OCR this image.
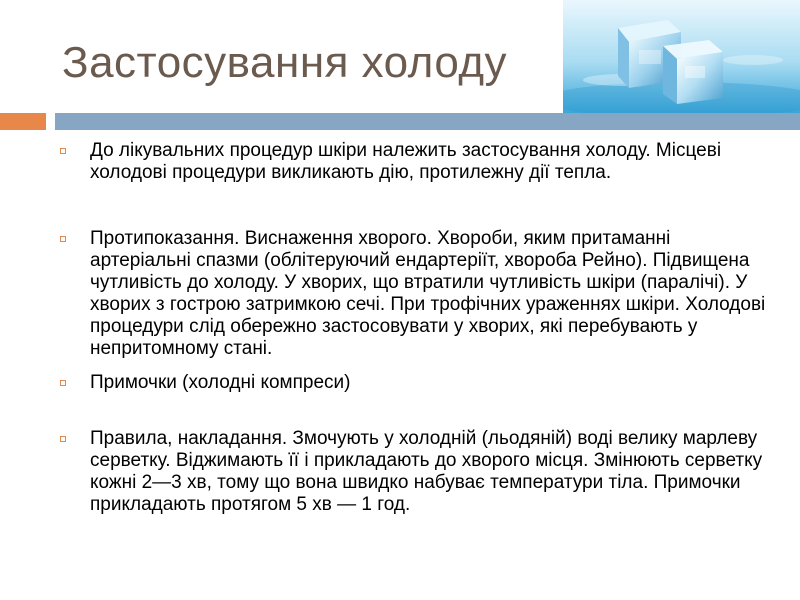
Застосування холоду
До лікувальних процедур шкіри належить застосування холоду. Місцеві холодові процедури викликають дію, протилежну дії тепла.
Протипоказання. Виснаження хворого. Хвороби, яким притаманні артеріальні спазми (облітеруючий ендартеріїт, хвороба Рейно). Підвищена чутливість до холоду. У хворих, що втратили чутливість шкіри (паралічі). У хворих з гострою затримкою сечі. При трофічних ураженнях шкіри. Холодові процедури слід обережно застосовувати у хворих, які перебувають у непритомному стані.
Примочки (холодні компреси)
Правила, накладання. Змочують у холодній (льодяній) воді велику марлеву серветку. Віджимають її і прикладають до хворого місця. Змінюють серветку кожні 2—3 хв, тому що вона швидко набуває температури тіла. Примочки прикладають протягом 5 хв — 1 год.
